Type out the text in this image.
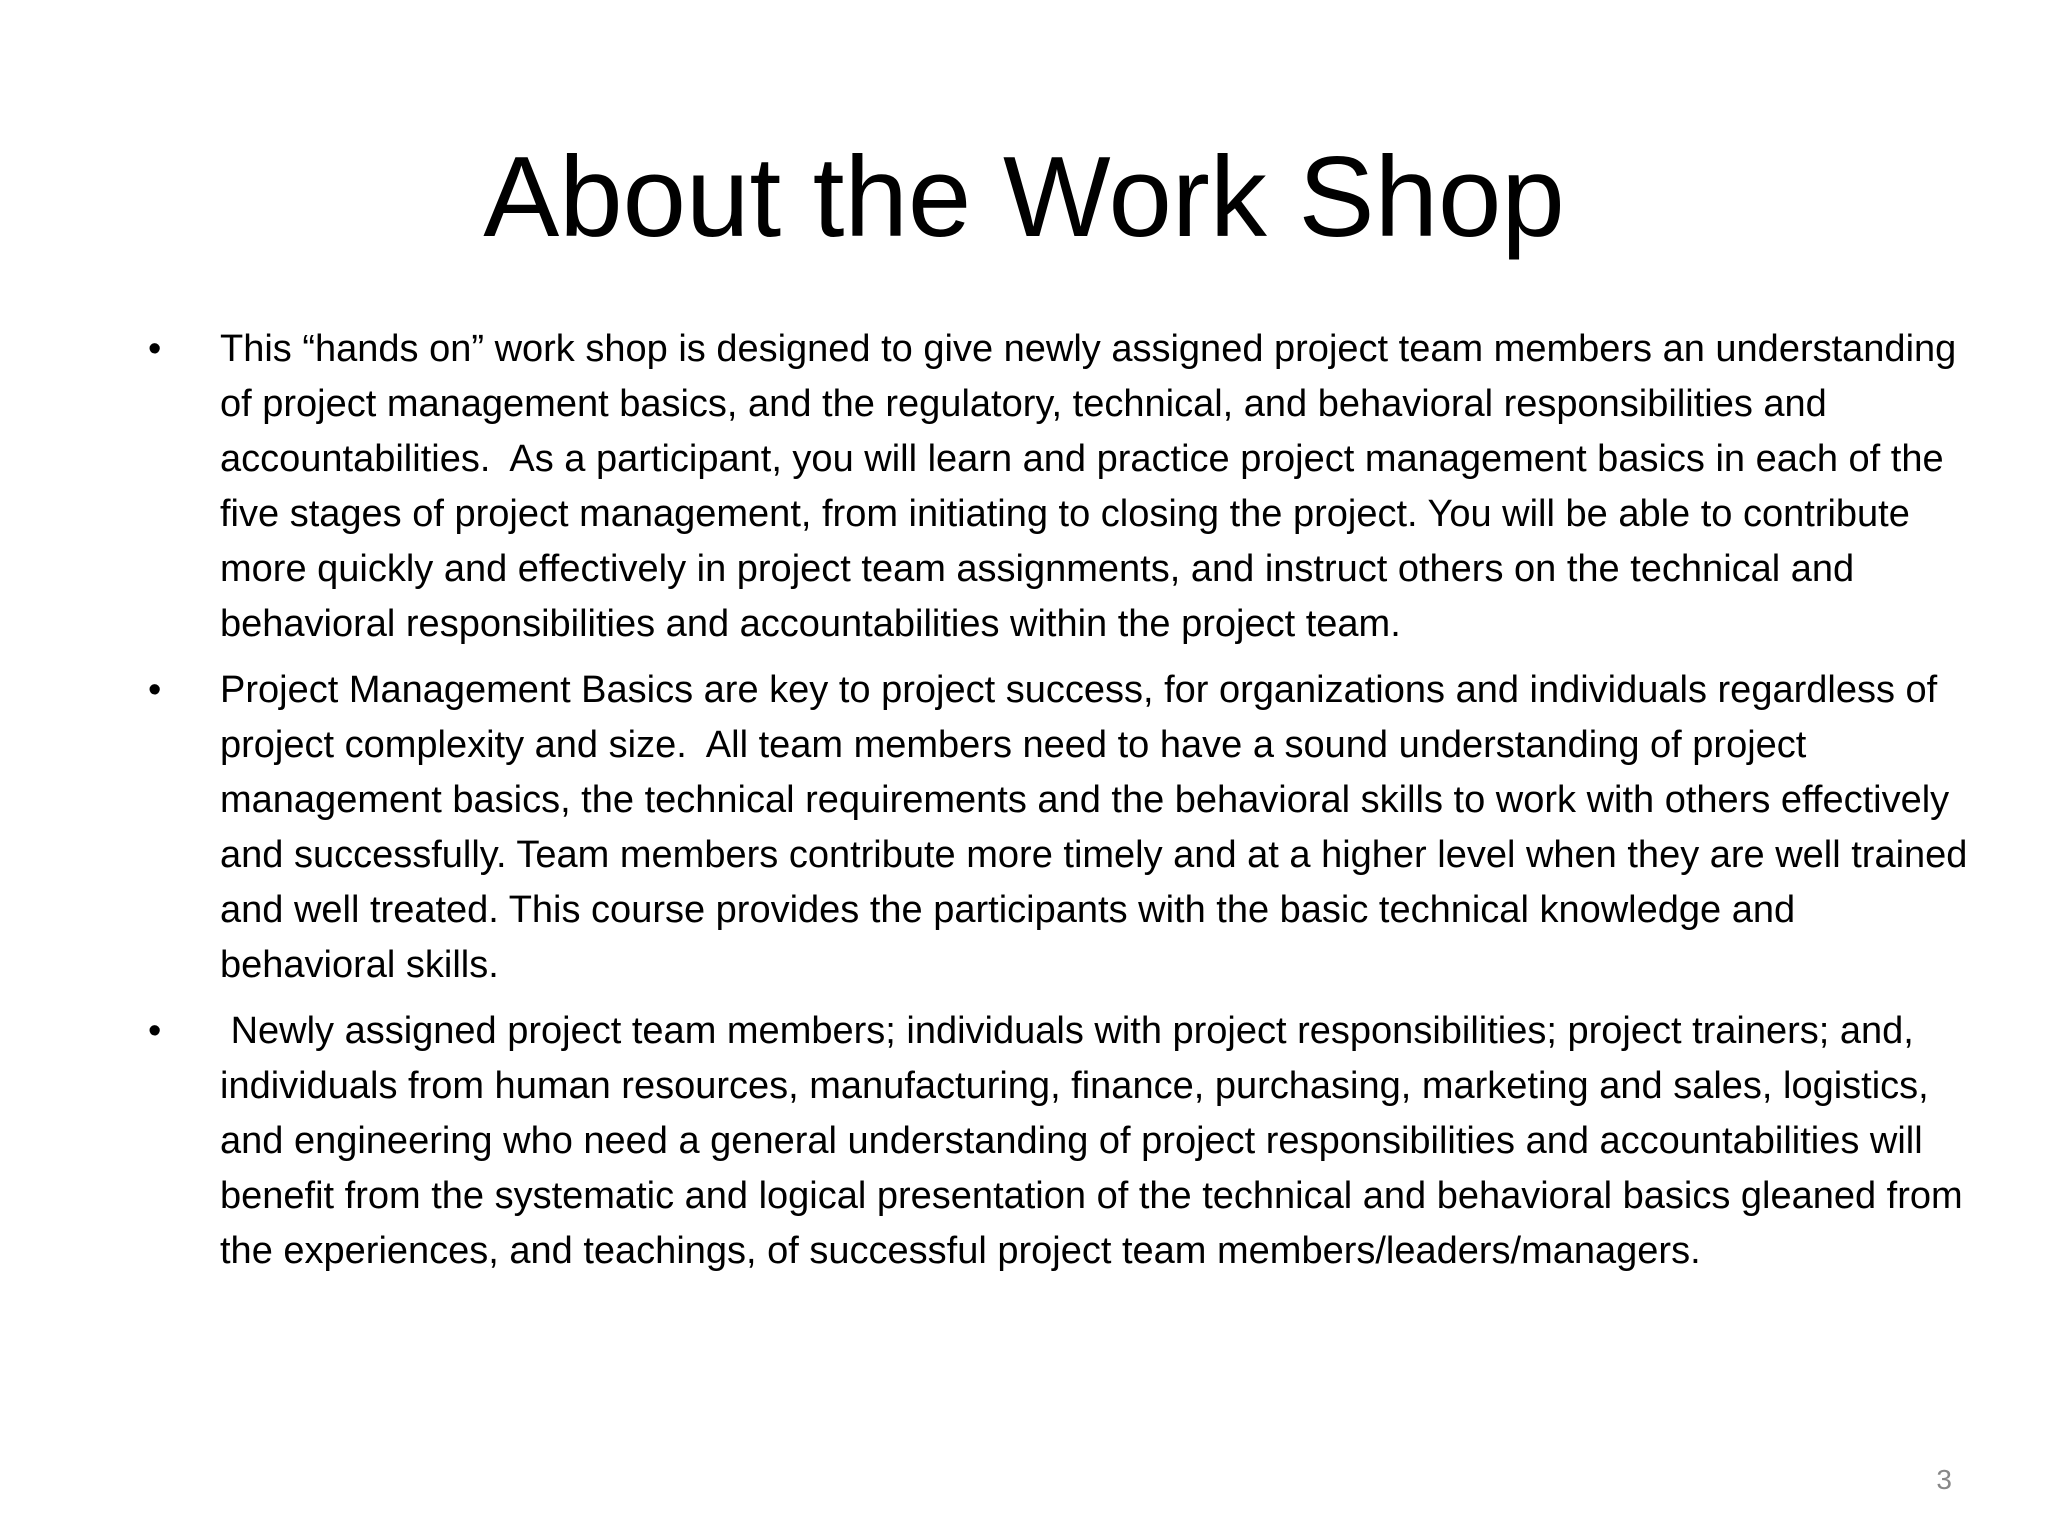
About the Work Shop
•	This “hands on” work shop is designed to give newly assigned project team members an understanding of project management basics, and the regulatory, technical, and behavioral responsibilities and accountabilities.  As a participant, you will learn and practice project management basics in each of the five stages of project management, from initiating to closing the project. You will be able to contribute more quickly and effectively in project team assignments, and instruct others on the technical and behavioral responsibilities and accountabilities within the project team.
•	Project Management Basics are key to project success, for organizations and individuals regardless of project complexity and size.  All team members need to have a sound understanding of project management basics, the technical requirements and the behavioral skills to work with others effectively and successfully. Team members contribute more timely and at a higher level when they are well trained and well treated. This course provides the participants with the basic technical knowledge and behavioral skills.
•	Newly assigned project team members; individuals with project responsibilities; project trainers; and, individuals from human resources, manufacturing, finance, purchasing, marketing and sales, logistics, and engineering who need a general understanding of project responsibilities and accountabilities will benefit from the systematic and logical presentation of the technical and behavioral basics gleaned from the experiences, and teachings, of successful project team members/leaders/managers.
3
